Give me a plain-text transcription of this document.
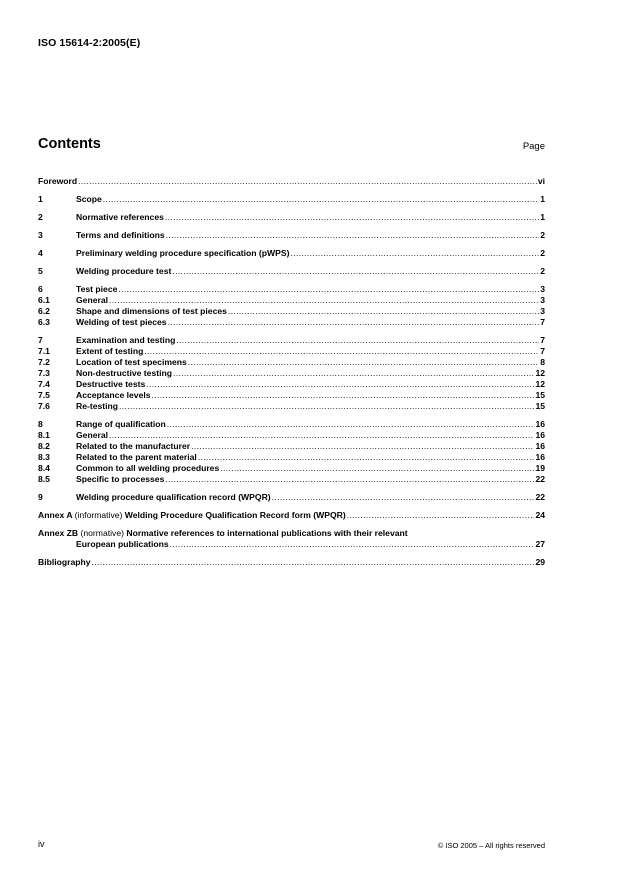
ISO 15614-2:2005(E)
Contents	Page
Foreword .....	vi
1	Scope .....	1
2	Normative references .....	1
3	Terms and definitions .....	2
4	Preliminary welding procedure specification (pWPS) .....	2
5	Welding procedure test .....	2
6	Test piece .....	3
6.1	General .....	3
6.2	Shape and dimensions of test pieces .....	3
6.3	Welding of test pieces .....	7
7	Examination and testing .....	7
7.1	Extent of testing .....	7
7.2	Location of test specimens .....	8
7.3	Non-destructive testing .....	12
7.4	Destructive tests .....	12
7.5	Acceptance levels .....	15
7.6	Re-testing .....	15
8	Range of qualification .....	16
8.1	General .....	16
8.2	Related to the manufacturer .....	16
8.3	Related to the parent material .....	16
8.4	Common to all welding procedures .....	19
8.5	Specific to processes .....	22
9	Welding procedure qualification record (WPQR) .....	22
Annex A (informative) Welding Procedure Qualification Record form (WPQR) .....	24
Annex ZB (normative) Normative references to international publications with their relevant
European publications .....	27
Bibliography .....	29
iv	© ISO 2005 – All rights reserved
